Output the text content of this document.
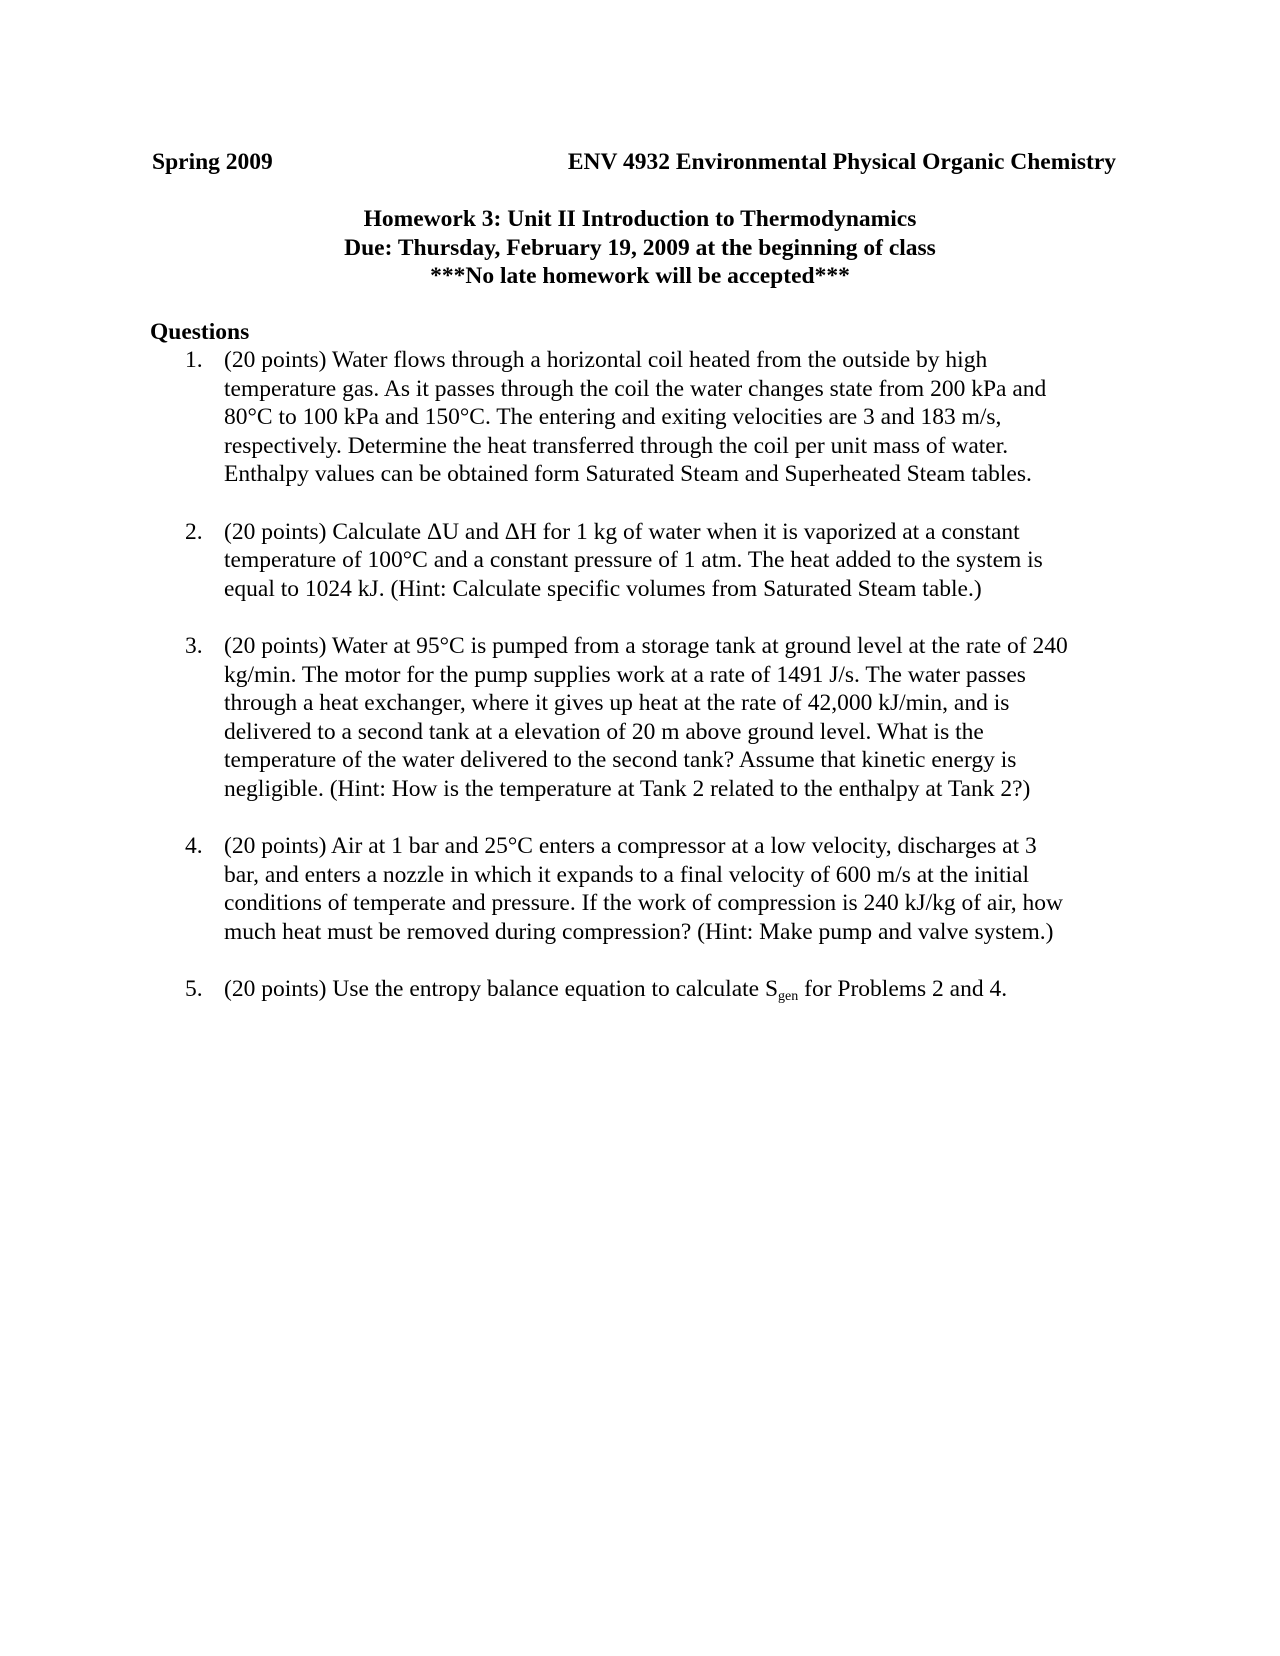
Spring 2009	ENV 4932 Environmental Physical Organic Chemistry
Homework 3: Unit II Introduction to Thermodynamics
Due: Thursday, February 19, 2009 at the beginning of class
***No late homework will be accepted***
Questions
1. (20 points) Water flows through a horizontal coil heated from the outside by high
temperature gas. As it passes through the coil the water changes state from 200 kPa and
80°C to 100 kPa and 150°C. The entering and exiting velocities are 3 and 183 m/s,
respectively. Determine the heat transferred through the coil per unit mass of water.
Enthalpy values can be obtained form Saturated Steam and Superheated Steam tables.
2. (20 points) Calculate ΔU and ΔH for 1 kg of water when it is vaporized at a constant
temperature of 100°C and a constant pressure of 1 atm. The heat added to the system is
equal to 1024 kJ. (Hint: Calculate specific volumes from Saturated Steam table.)
3. (20 points) Water at 95°C is pumped from a storage tank at ground level at the rate of 240
kg/min. The motor for the pump supplies work at a rate of 1491 J/s. The water passes
through a heat exchanger, where it gives up heat at the rate of 42,000 kJ/min, and is
delivered to a second tank at a elevation of 20 m above ground level. What is the
temperature of the water delivered to the second tank? Assume that kinetic energy is
negligible. (Hint: How is the temperature at Tank 2 related to the enthalpy at Tank 2?)
4. (20 points) Air at 1 bar and 25°C enters a compressor at a low velocity, discharges at 3
bar, and enters a nozzle in which it expands to a final velocity of 600 m/s at the initial
conditions of temperate and pressure. If the work of compression is 240 kJ/kg of air, how
much heat must be removed during compression? (Hint: Make pump and valve system.)
5. (20 points) Use the entropy balance equation to calculate $S_{gen}$ for Problems 2 and 4.
